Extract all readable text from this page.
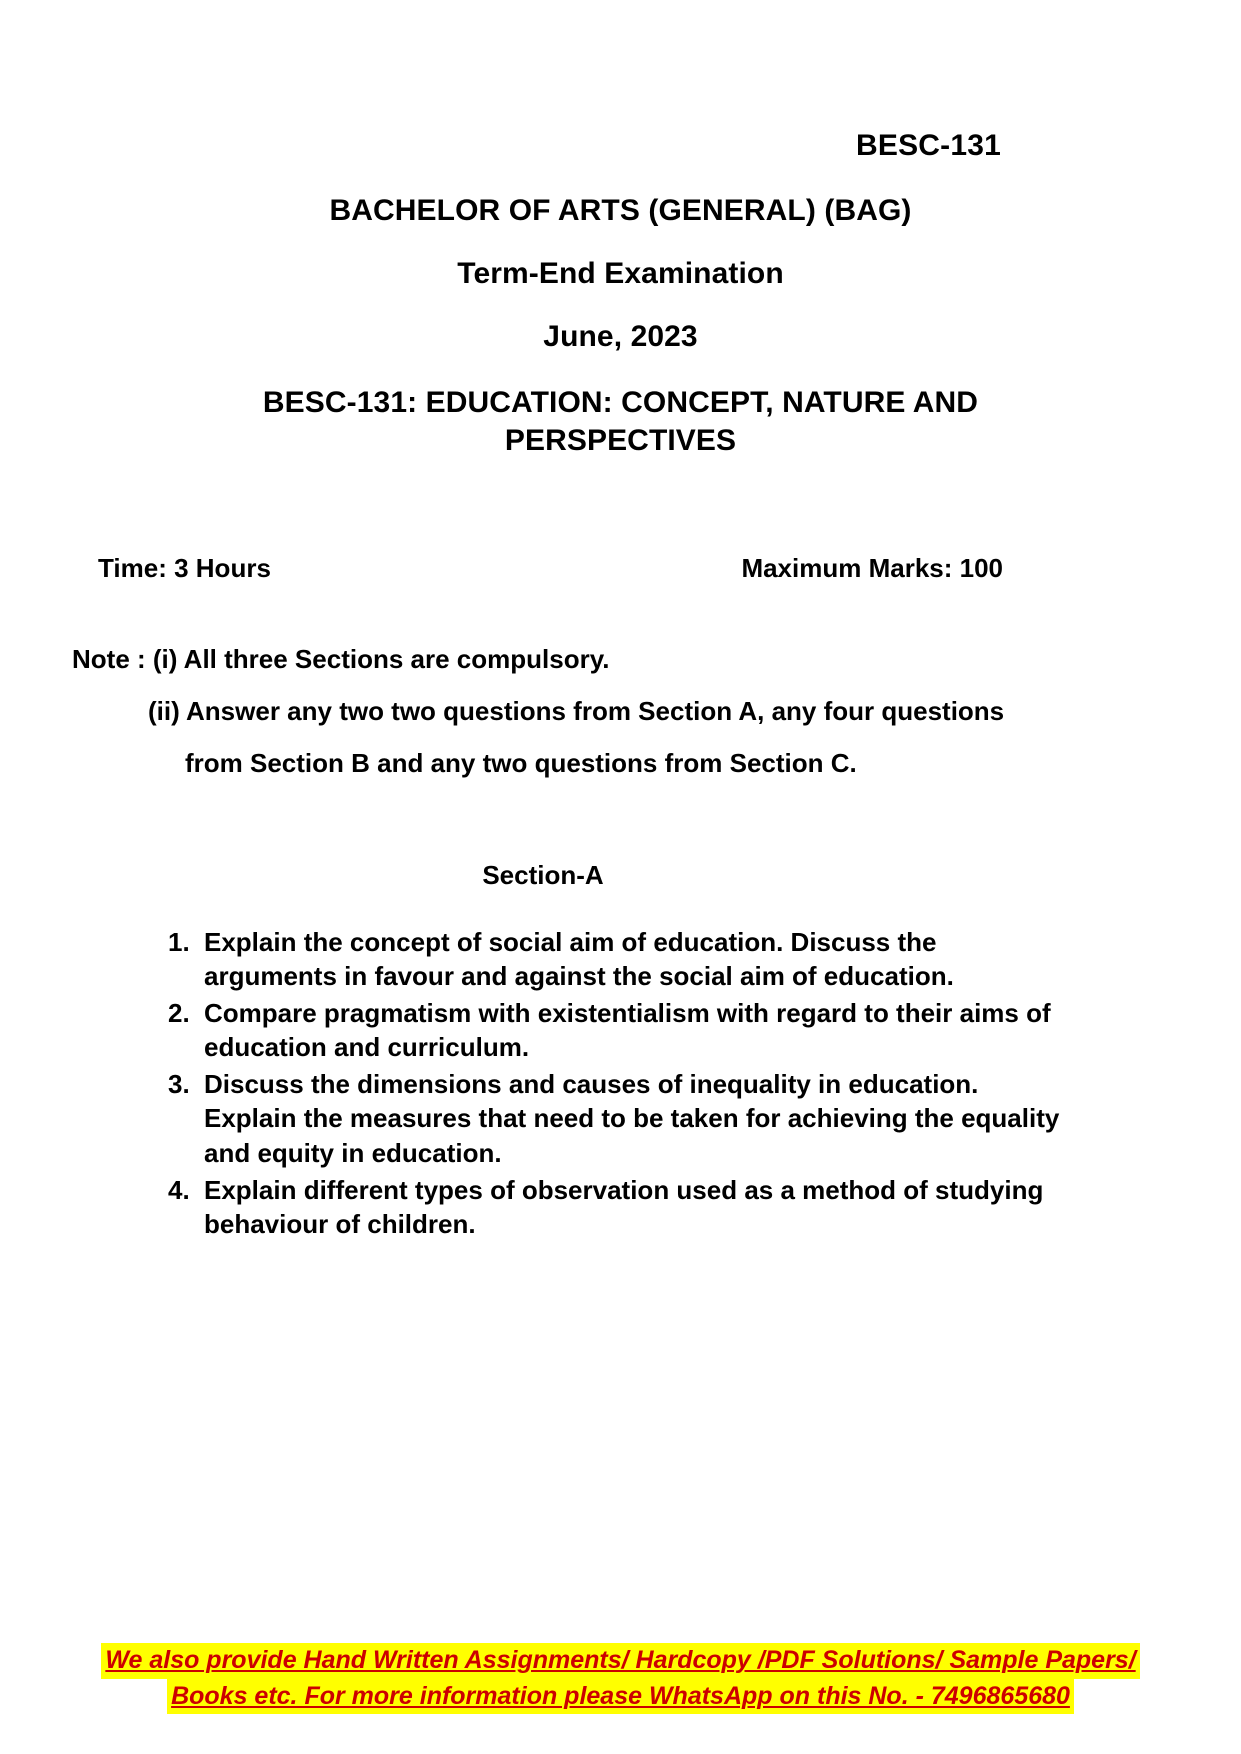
BESC-131

BACHELOR OF ARTS (GENERAL) (BAG)

Term-End Examination

June, 2023

BESC-131: EDUCATION: CONCEPT, NATURE AND

PERSPECTIVES

Time: 3 Hours	Maximum Marks: 100
Note : (i) All three Sections are compulsory.
(ii) Answer any two two questions from Section A, any four questions
from Section B and any two questions from Section C.
Section-A
1. Explain the concept of social aim of education. Discuss the arguments in favour and against the social aim of education.
2. Compare pragmatism with existentialism with regard to their aims of education and curriculum.
3. Discuss the dimensions and causes of inequality in education. Explain the measures that need to be taken for achieving the equality and equity in education.
4. Explain different types of observation used as a method of studying behaviour of children.
We also provide Hand Written Assignments/ Hardcopy /PDF Solutions/ Sample Papers/
Books etc. For more information please WhatsApp on this No. - 7496865680
